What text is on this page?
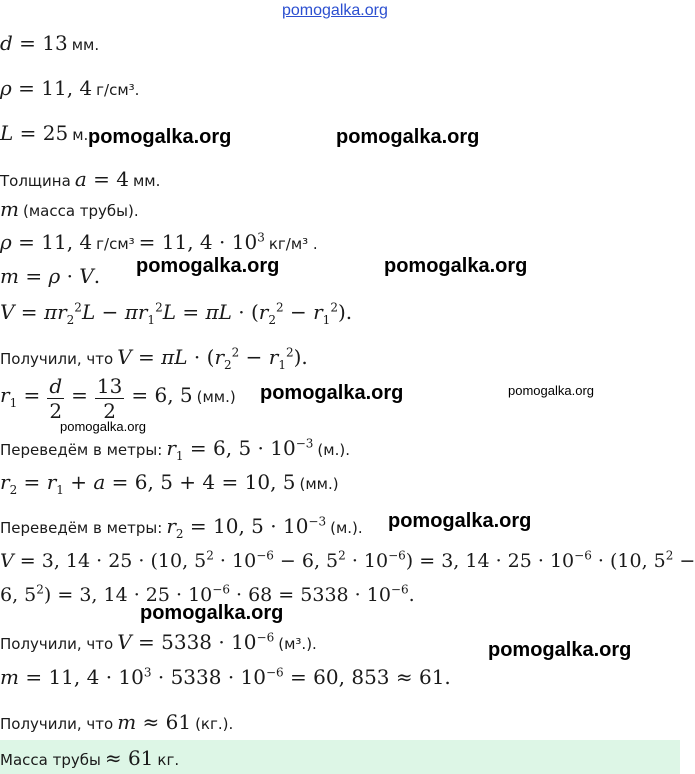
pomogalka.org
pomogalka.org	pomogalka.org
pomogalka.org	pomogalka.org
pomogalka.org	pomogalka.org
pomogalka.org
pomogalka.org
pomogalka.org
pomogalka.org
d = 13 мм.
ρ = 11, 4 г/см³.
L = 25 м.
Толщина a = 4 мм.
m (масса трубы).
ρ = 11, 4 г/см³ = 11, $4 \cdot 10^3$ кг/м³ .
m = ρ · V.
$V = \pi r_2^2L - \pi r_1^2L = \pi L \cdot (r_2^2 - r_1^2)$.
Получили, что $V = \pi L \cdot (r_2^2 - r_1^2)$.
$r_1 = \frac{d}{2} = \frac{13}{2} = 6$, 5 (мм.)
Переведём в метры: $r_1 = 6$, $5 \cdot 10^{-3}$ (м.).
$r_2 = r_1 + a = 6$, 5 + 4 = 10, 5 (мм.)
Переведём в метры: $r_2 = 10$, $5 \cdot 10^{-3}$ (м.).
V = 3, 14 · 25 · (10, $5^2 \cdot 10^{-6} - 6$, $5^2 \cdot 10^{-6}) = 3$, $14 \cdot 25 \cdot 10^{-6} \cdot (10$, $5^2$ −
6, $5^2) = 3$, $14 \cdot 25 \cdot 10^{-6} \cdot 68 = 5338 \cdot 10^{-6}$.
Получили, что $V = 5338 \cdot 10^{-6}$ (м³.).
m = 11, $4 \cdot 10^3 \cdot 5338 \cdot 10^{-6} = 60$, 853 ≈ 61.
Получили, что m ≈ 61 (кг.).
Масса трубы ≈ 61 кг.
